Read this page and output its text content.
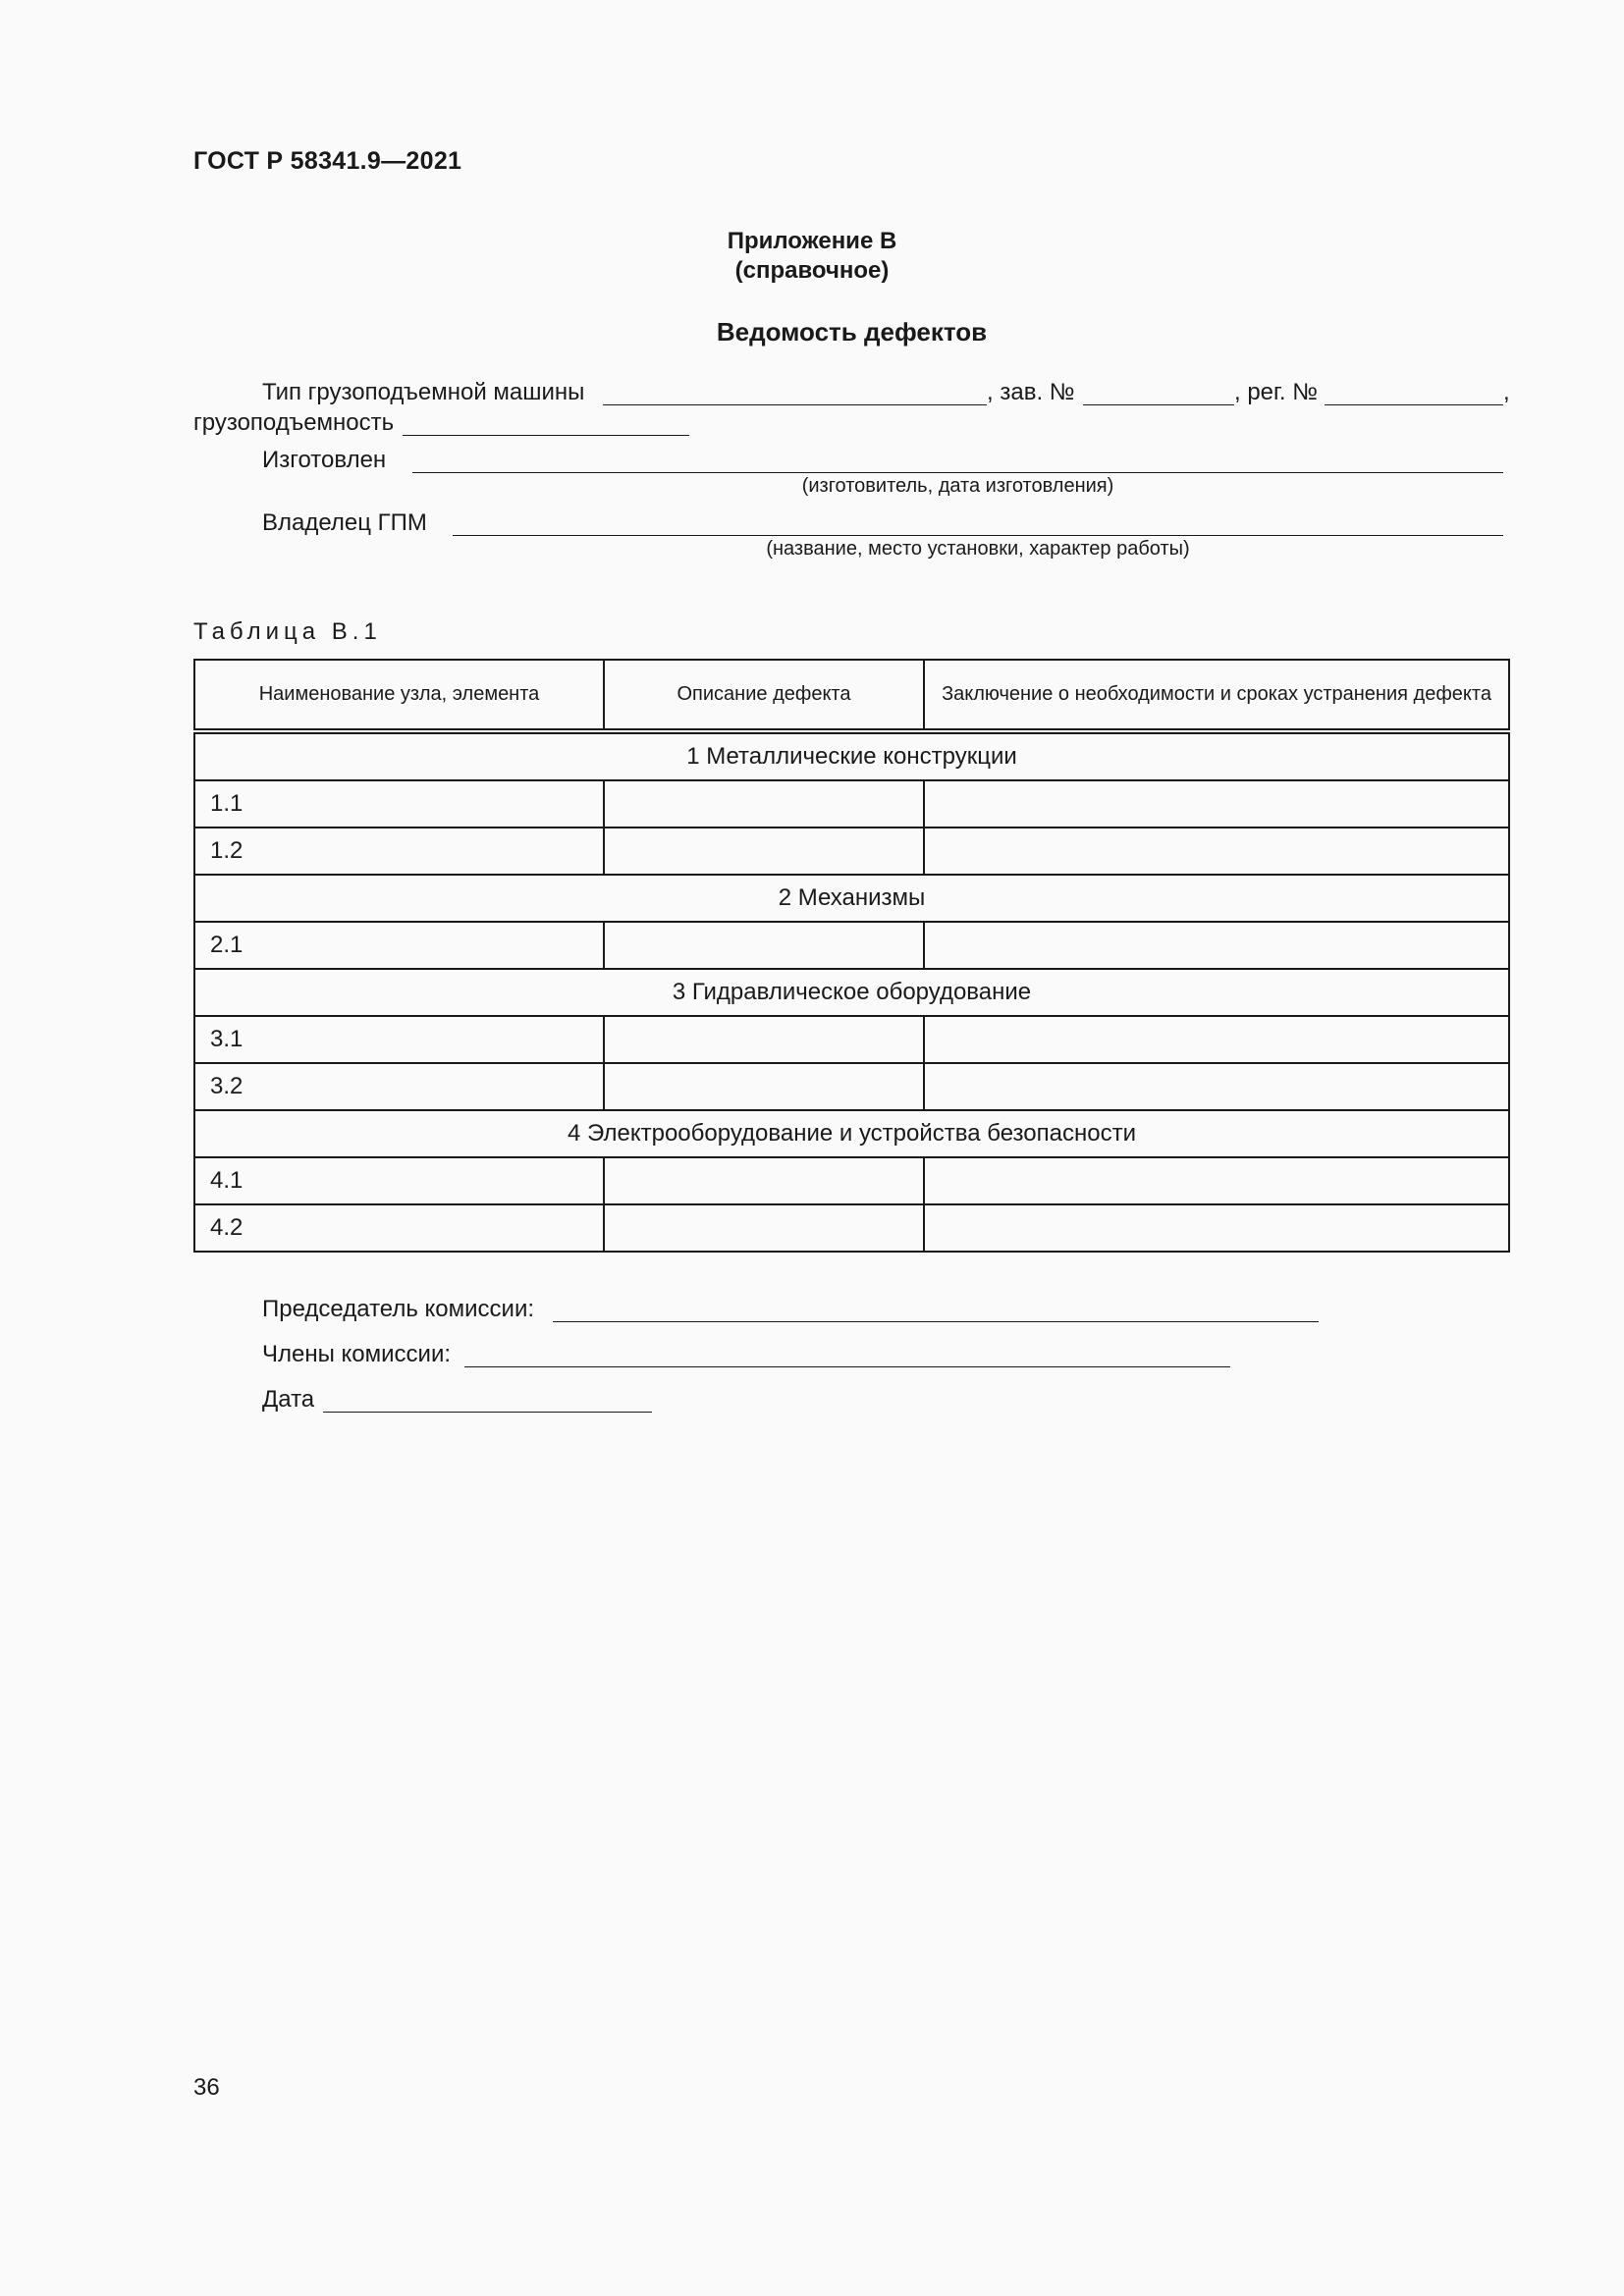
ГОСТ Р 58341.9—2021
Приложение В
(справочное)
Ведомость дефектов
Тип грузоподъемной машины	, зав. №	, рег. №	,
грузоподъемность
Изготовлен
(изготовитель, дата изготовления)
Владелец ГПМ
(название, место установки, характер работы)
Таблица В.1
Наименование узла, элемента	Описание дефекта	Заключение о необходимости и сроках устранения дефекта
1 Металлические конструкции		
1.1		
1.2		
2 Механизмы		
2.1		
3 Гидравлическое оборудование		
3.1		
3.2		
4 Электрооборудование и устройства безопасности		
4.1		
4.2		
Председатель комиссии:
Члены комиссии:
Дата
36
